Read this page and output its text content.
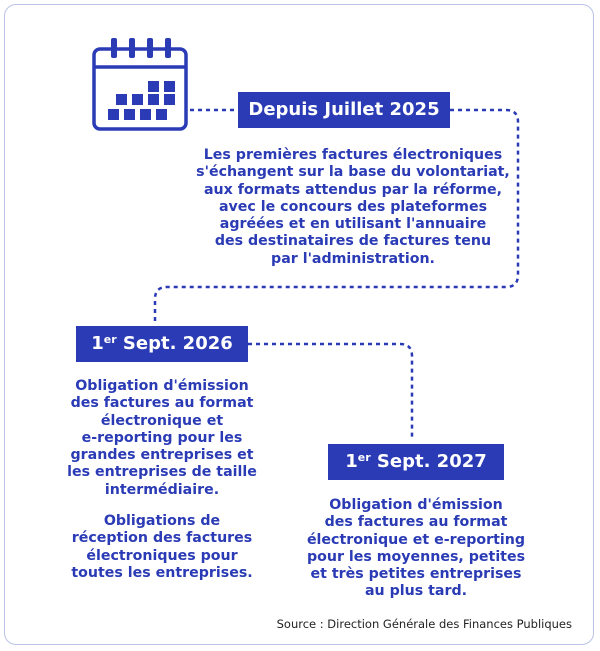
Depuis Juillet 2025

Les premières factures électroniques
s'échangent sur la base du volontariat,
aux formats attendus par la réforme,
avec le concours des plateformes
agréées et en utilisant l'annuaire
des destinataires de factures tenu
par l'administration.

1er Sept. 2026

Obligation d'émission
des factures au format
électronique et
e-reporting pour les
grandes entreprises et
les entreprises de taille
intermédiaire.

Obligations de
réception des factures
électroniques pour
toutes les entreprises.

1er Sept. 2027

Obligation d'émission
des factures au format
électronique et e-reporting
pour les moyennes, petites
et très petites entreprises
au plus tard.

Source : Direction Générale des Finances Publiques
